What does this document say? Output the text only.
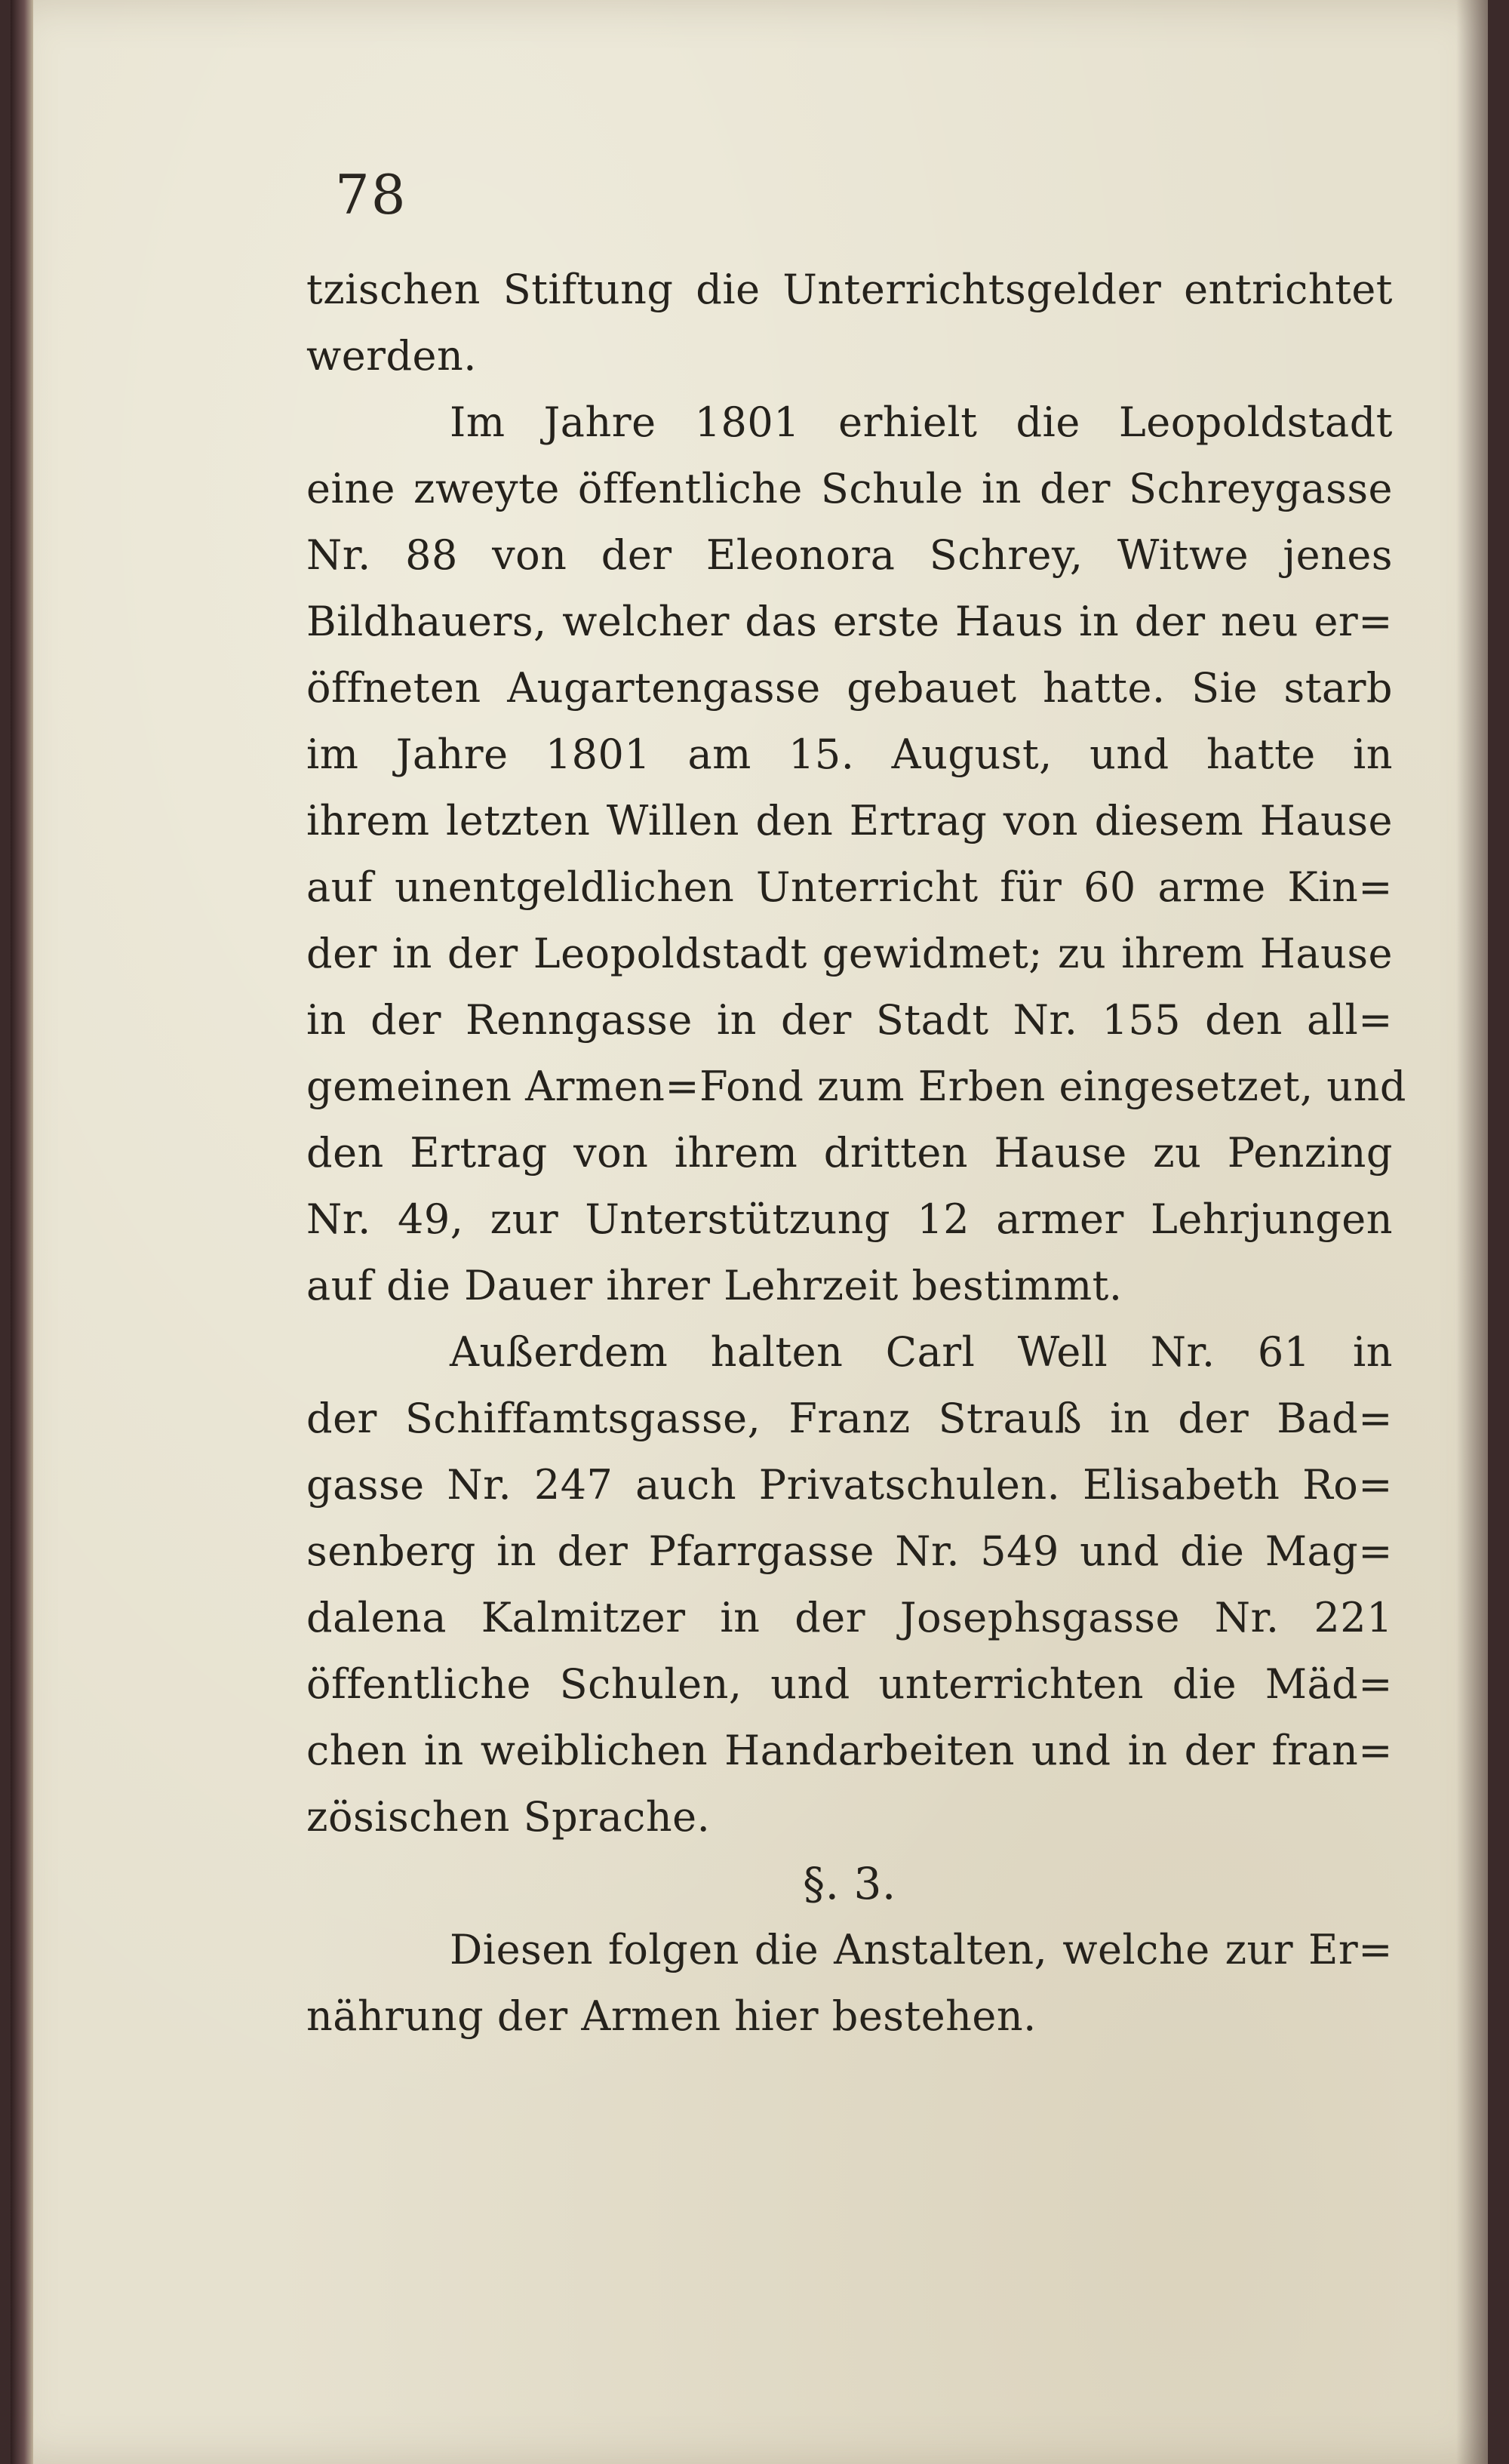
78
tzischen Stiftung die Unterrichtsgelder entrichtet
werden.
Im Jahre 1801 erhielt die Leopoldstadt
eine zweyte öffentliche Schule in der Schreygasse
Nr. 88 von der Eleonora Schrey, Witwe jenes
Bildhauers, welcher das erste Haus in der neu er=
öffneten Augartengasse gebauet hatte. Sie starb
im Jahre 1801 am 15. August, und hatte in
ihrem letzten Willen den Ertrag von diesem Hause
auf unentgeldlichen Unterricht für 60 arme Kin=
der in der Leopoldstadt gewidmet; zu ihrem Hause
in der Renngasse in der Stadt Nr. 155 den all=
gemeinen Armen=Fond zum Erben eingesetzet, und
den Ertrag von ihrem dritten Hause zu Penzing
Nr. 49, zur Unterstützung 12 armer Lehrjungen
auf die Dauer ihrer Lehrzeit bestimmt.
Außerdem halten Carl Well Nr. 61 in
der Schiffamtsgasse, Franz Strauß in der Bad=
gasse Nr. 247 auch Privatschulen. Elisabeth Ro=
senberg in der Pfarrgasse Nr. 549 und die Mag=
dalena Kalmitzer in der Josephsgasse Nr. 221
öffentliche Schulen, und unterrichten die Mäd=
chen in weiblichen Handarbeiten und in der fran=
zösischen Sprache.
§. 3.
Diesen folgen die Anstalten, welche zur Er=
nährung der Armen hier bestehen.
